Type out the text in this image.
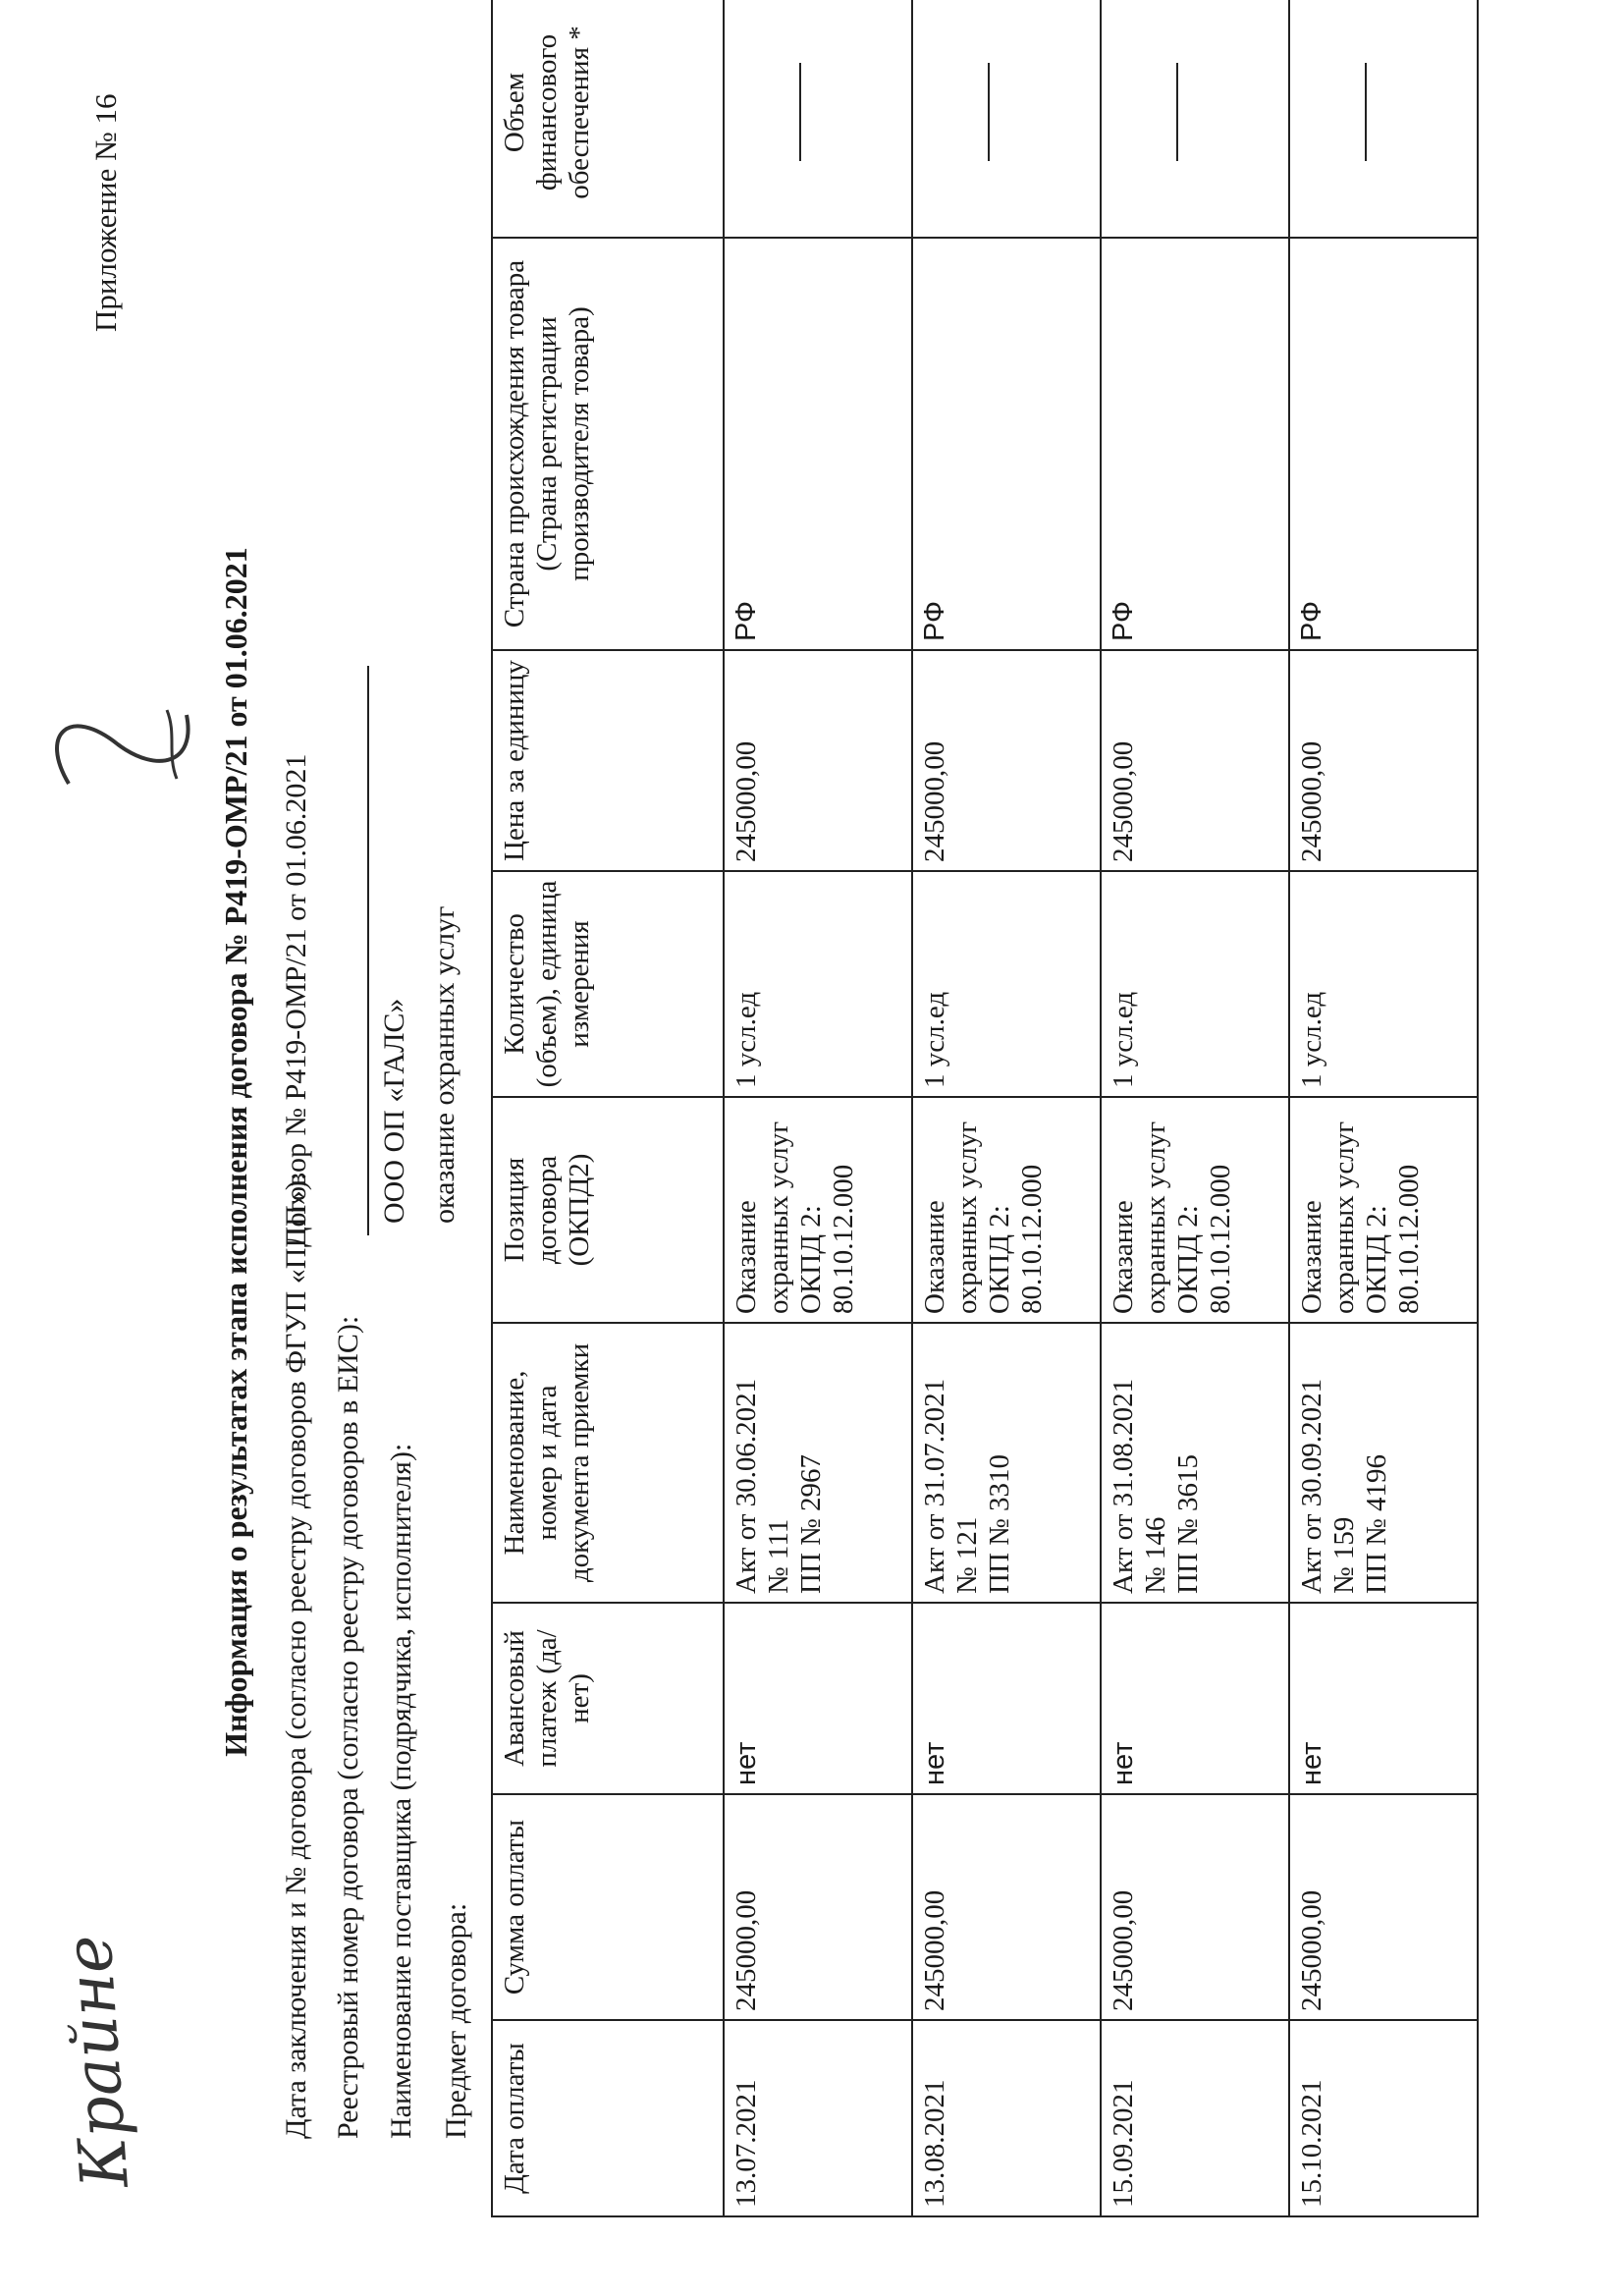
Крайне
Приложение № 16
Информация о результатах этапа исполнения договора № Р419-ОМР/21 от 01.06.2021 Дата заключения и № договора (согласно реестру договоров ФГУП «ППП»):
Договор № Р419-ОМР/21 от 01.06.2021
Реестровый номер договора (согласно реестру договоров в ЕИС): Наименование поставщика (подрядчика, исполнителя):
ООО ОП «ГАЛС»
Предмет договора:
оказание охранных услуг
Дата оплаты	Сумма оплаты	Авансовый платеж (да/нет)	Наименование, номер и дата документа приемки	Позиция договора (ОКПД2)	Количество (объем), единица измерения	Цена за единицу	Страна происхождения товара (Страна регистрации производителя товара)	Объем финансового обеспечения *
13.07.2021	245000,00	нет	Акт от 30.06.2021 № 111 ПП № 2967	Оказание охранных услуг ОКПД 2: 80.10.12.000	1 усл.ед	245000,00	РФ	

13.08.2021	245000,00	нет	Акт от 31.07.2021 № 121 ПП № 3310	Оказание охранных услуг ОКПД 2: 80.10.12.000	1 усл.ед	245000,00	РФ	

15.09.2021	245000,00	нет	Акт от 31.08.2021 № 146 ПП № 3615	Оказание охранных услуг ОКПД 2: 80.10.12.000	1 усл.ед	245000,00	РФ	

15.10.2021	245000,00	нет	Акт от 30.09.2021 № 159 ПП № 4196	Оказание охранных услуг ОКПД 2: 80.10.12.000	1 усл.ед	245000,00	РФ	
